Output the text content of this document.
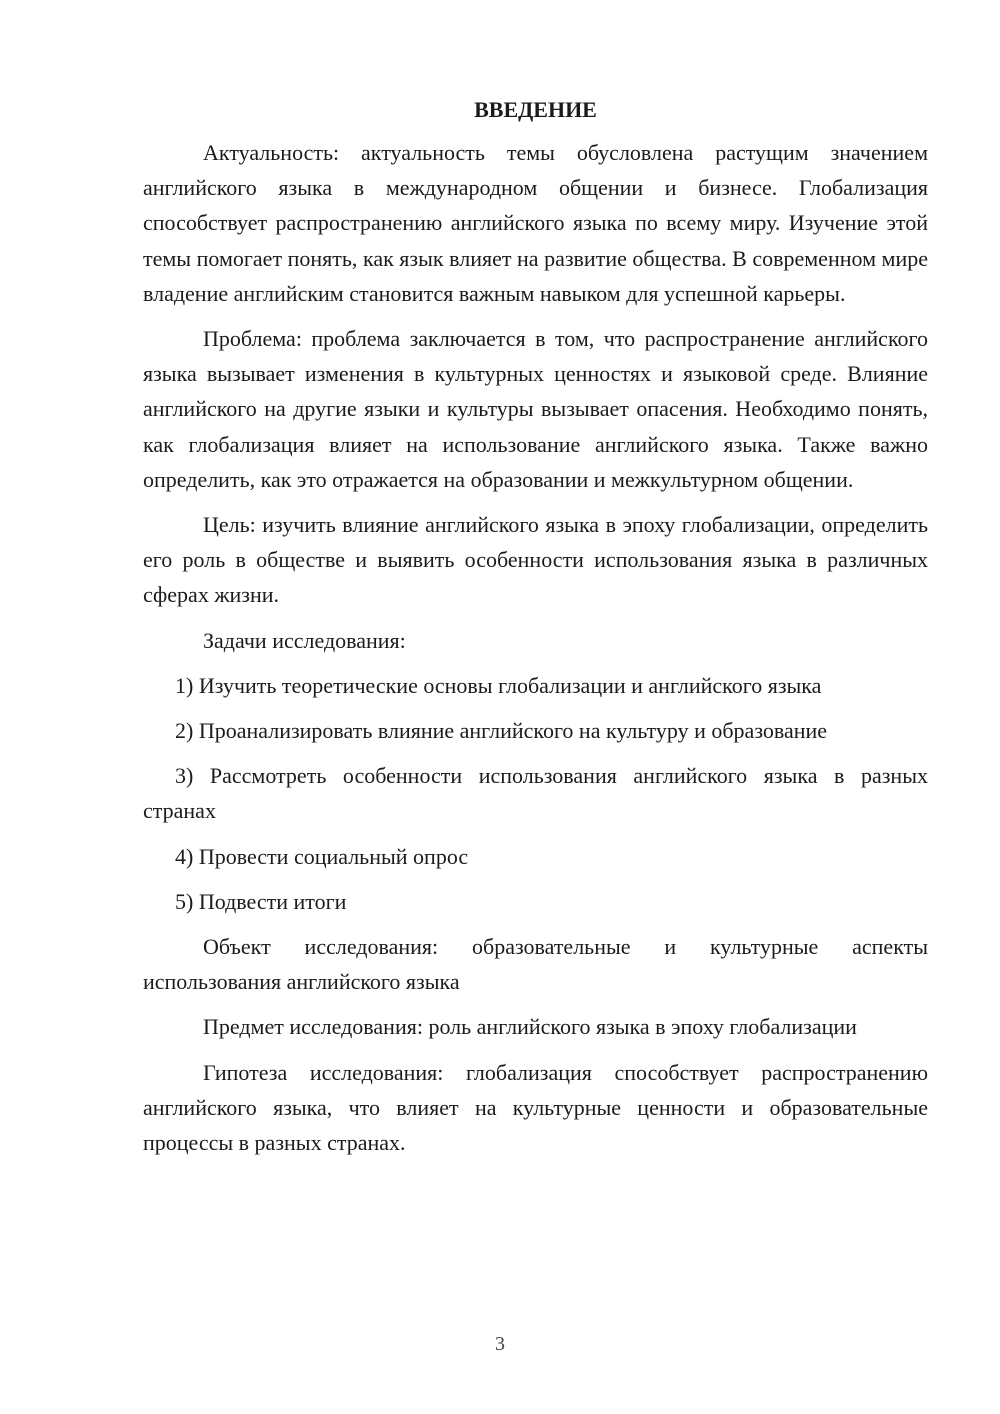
ВВЕДЕНИЕ

Актуальность: актуальность темы обусловлена растущим значением английского языка в международном общении и бизнесе. Глобализация способствует распространению английского языка по всему миру. Изучение этой темы помогает понять, как язык влияет на развитие общества. В современном мире владение английским становится важным навыком для успешной карьеры.

Проблема: проблема заключается в том, что распространение английского языка вызывает изменения в культурных ценностях и языковой среде. Влияние английского на другие языки и культуры вызывает опасения. Необходимо понять, как глобализация влияет на использование английского языка. Также важно определить, как это отражается на образовании и межкультурном общении.

Цель: изучить влияние английского языка в эпоху глобализации, определить его роль в обществе и выявить особенности использования языка в различных сферах жизни.

Задачи исследования:

1) Изучить теоретические основы глобализации и английского языка

2) Проанализировать влияние английского на культуру и образование

3) Рассмотреть особенности использования английского языка в разных странах

4) Провести социальный опрос

5) Подвести итоги

Объект исследования: образовательные и культурные аспекты использования английского языка

Предмет исследования: роль английского языка в эпоху глобализации

Гипотеза исследования: глобализация способствует распространению английского языка, что влияет на культурные ценности и образовательные процессы в разных странах.

3
